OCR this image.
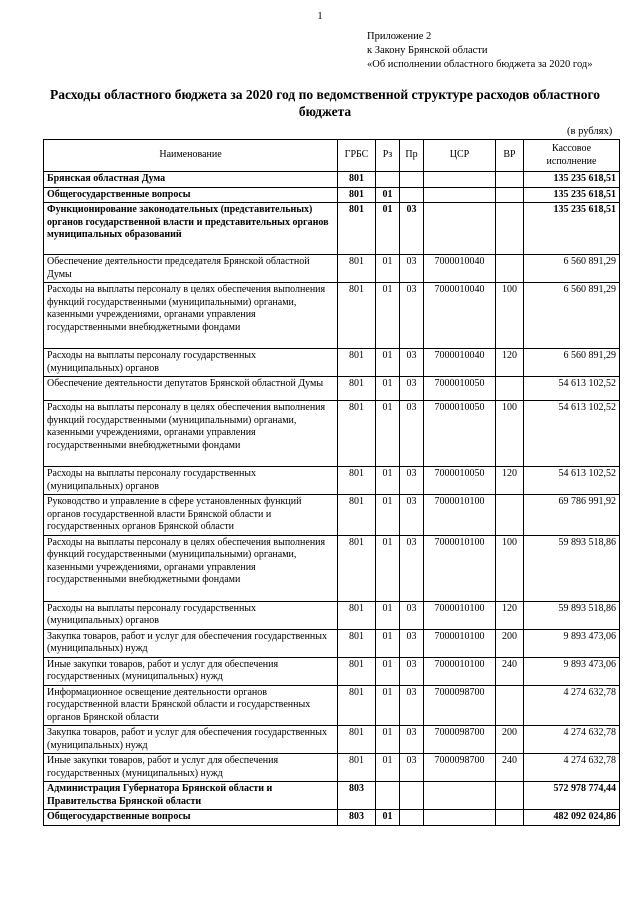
1
Приложение 2
к Закону Брянской области
«Об исполнении областного бюджета за 2020 год»
Расходы областного бюджета за 2020 год по ведомственной структуре расходов областного бюджета
(в рублях)
Наименование	ГРБС	Рз	Пр	ЦСР	ВР	Кассовое исполнение
Брянская областная Дума	801					135 235 618,51
Общегосударственные вопросы	801	01				135 235 618,51
Функционирование законодательных (представительных) органов государственной власти и представительных органов муниципальных образований	801	01	03			135 235 618,51
Обеспечение деятельности председателя Брянской областной Думы	801	01	03	7000010040		6 560 891,29
Расходы на выплаты персоналу в целях обеспечения выполнения функций государственными (муниципальными) органами, казенными учреждениями, органами управления государственными внебюджетными фондами	801	01	03	7000010040	100	6 560 891,29
Расходы на выплаты персоналу государственных (муниципальных) органов	801	01	03	7000010040	120	6 560 891,29
Обеспечение деятельности депутатов Брянской областной Думы	801	01	03	7000010050		54 613 102,52
Расходы на выплаты персоналу в целях обеспечения выполнения функций государственными (муниципальными) органами, казенными учреждениями, органами управления государственными внебюджетными фондами	801	01	03	7000010050	100	54 613 102,52
Расходы на выплаты персоналу государственных (муниципальных) органов	801	01	03	7000010050	120	54 613 102,52
Руководство и управление в сфере установленных функций органов государственной власти Брянской области и государственных органов Брянской области	801	01	03	7000010100		69 786 991,92
Расходы на выплаты персоналу в целях обеспечения выполнения функций государственными (муниципальными) органами, казенными учреждениями, органами управления государственными внебюджетными фондами	801	01	03	7000010100	100	59 893 518,86
Расходы на выплаты персоналу государственных (муниципальных) органов	801	01	03	7000010100	120	59 893 518,86
Закупка товаров, работ и услуг для обеспечения государственных (муниципальных) нужд	801	01	03	7000010100	200	9 893 473,06
Иные закупки товаров, работ и услуг для обеспечения государственных (муниципальных) нужд	801	01	03	7000010100	240	9 893 473,06
Информационное освещение деятельности органов государственной власти Брянской области и государственных органов Брянской области	801	01	03	7000098700		4 274 632,78
Закупка товаров, работ и услуг для обеспечения государственных (муниципальных) нужд	801	01	03	7000098700	200	4 274 632,78
Иные закупки товаров, работ и услуг для обеспечения государственных (муниципальных) нужд	801	01	03	7000098700	240	4 274 632,78
Администрация Губернатора Брянской области и Правительства Брянской области	803					572 978 774,44
Общегосударственные вопросы	803	01				482 092 024,86
